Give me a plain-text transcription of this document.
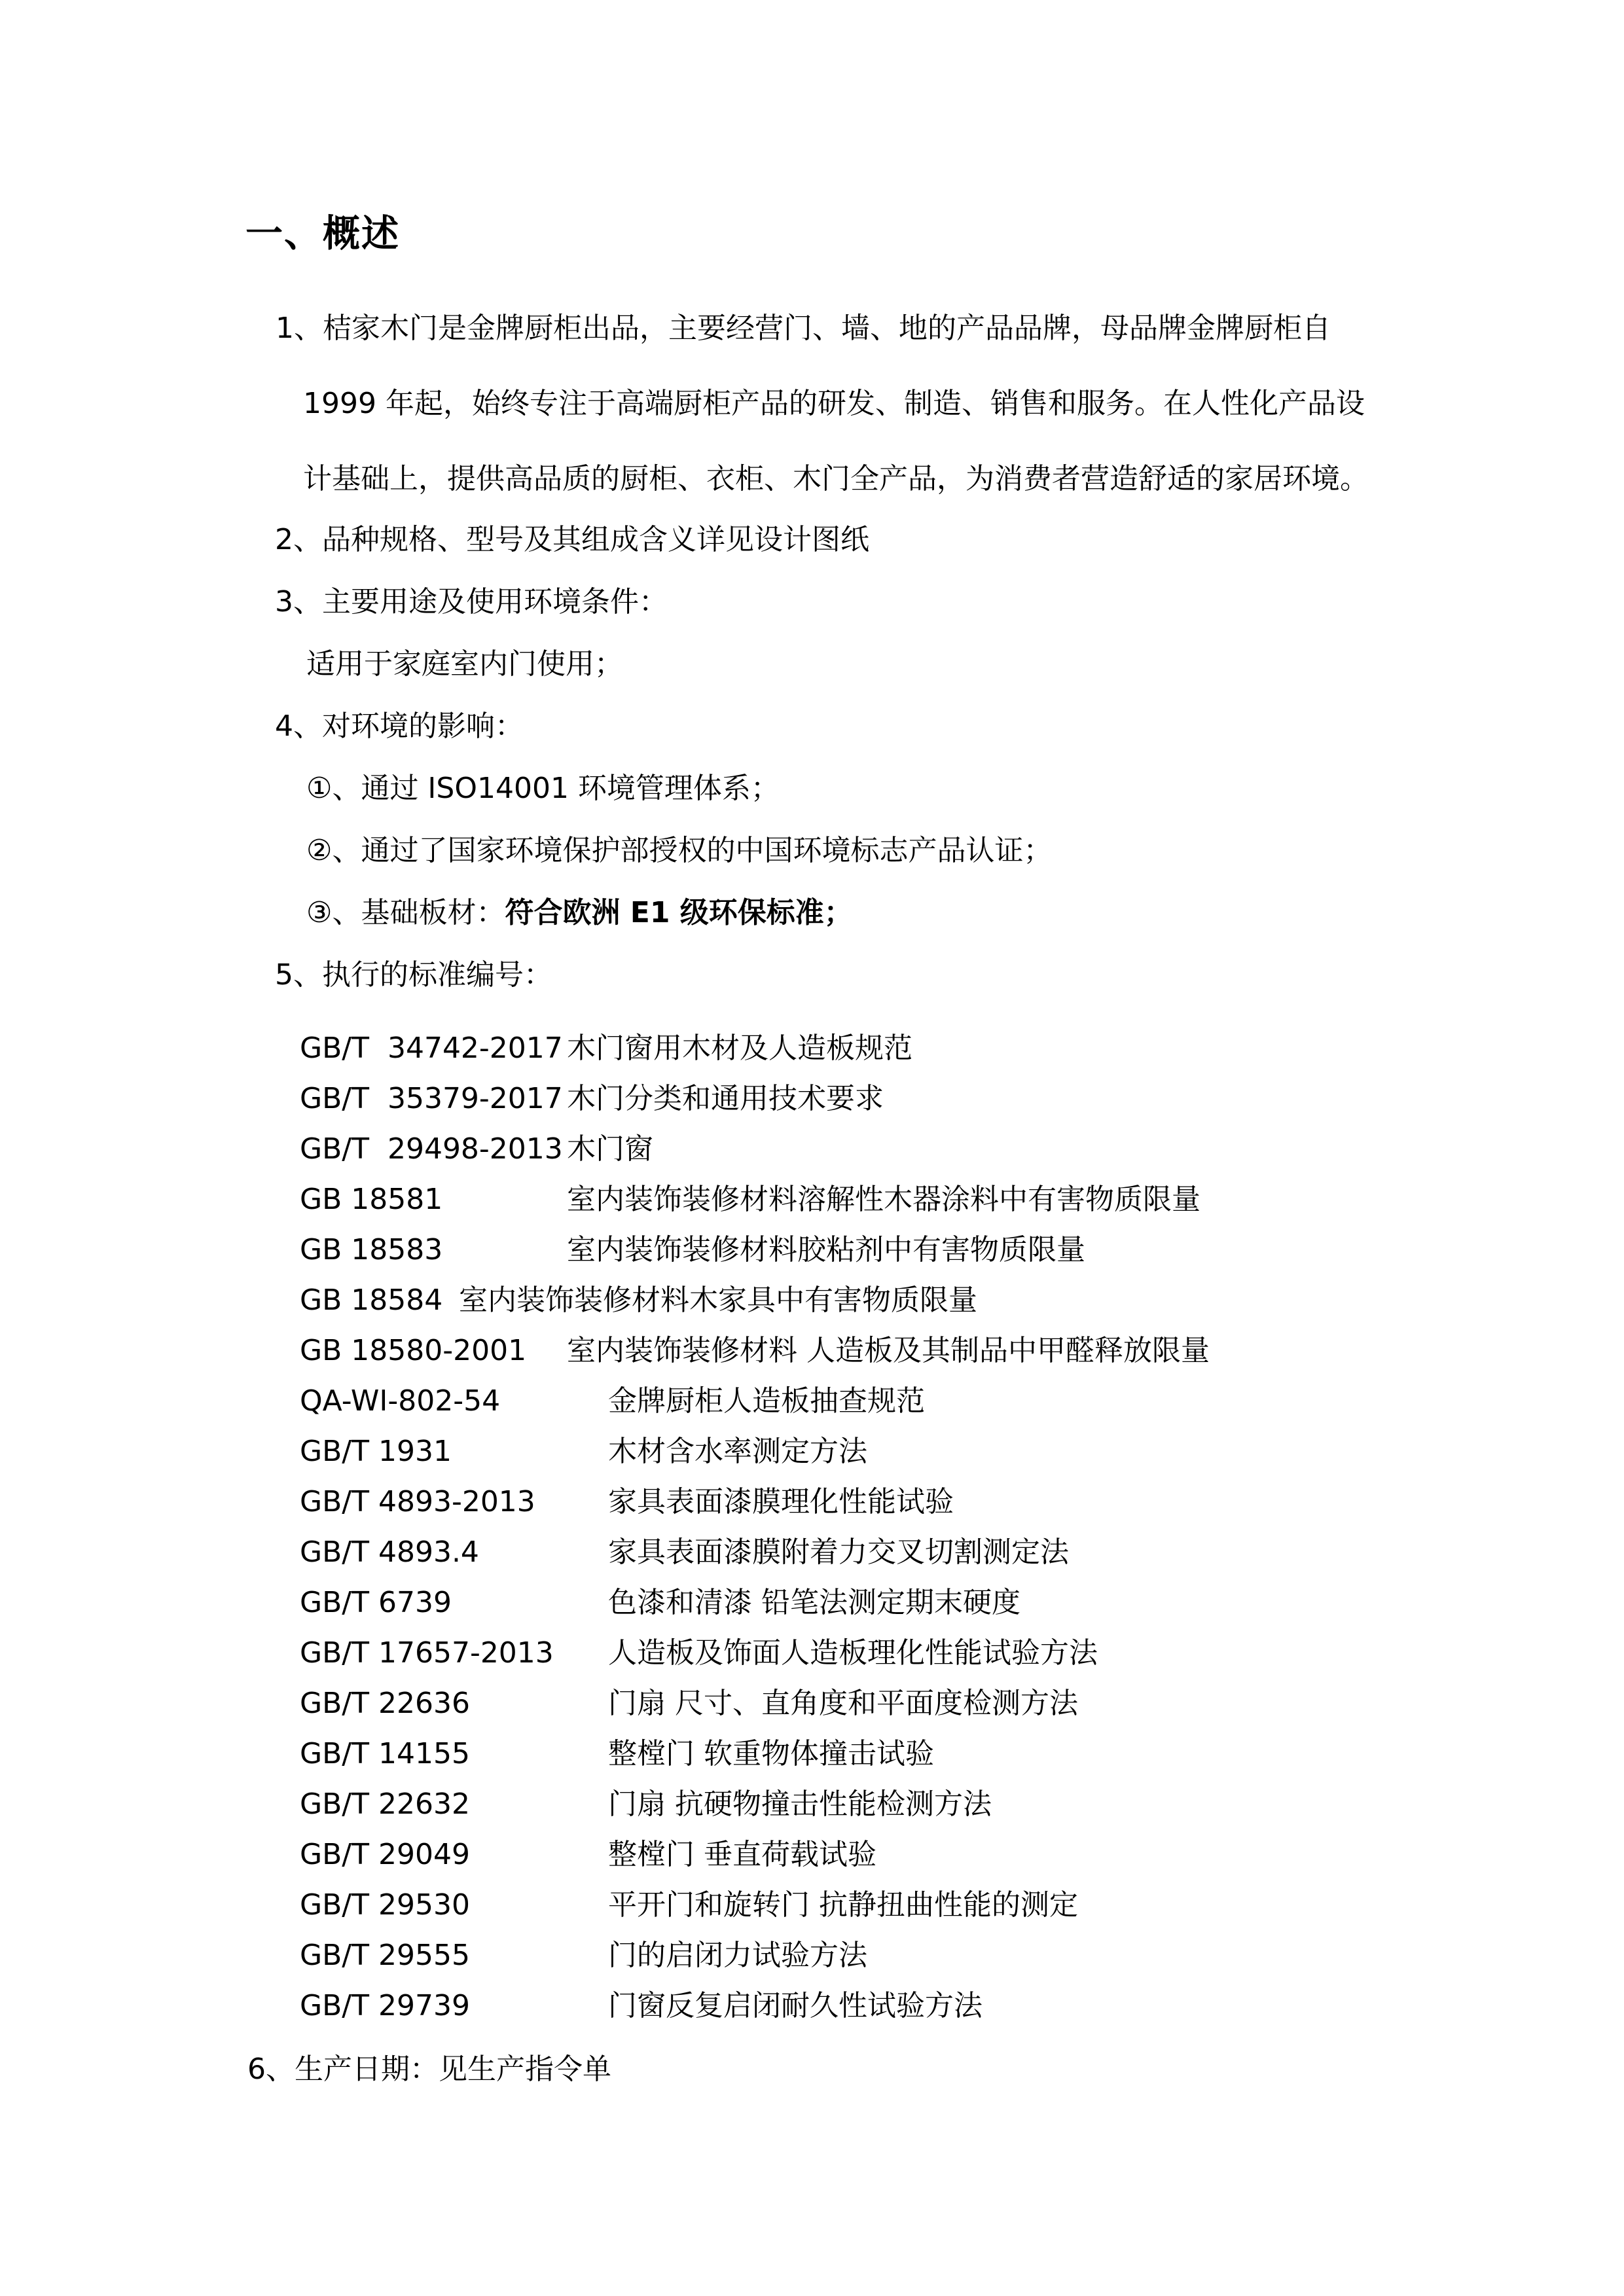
一、概述

1、桔家木门是金牌厨柜出品，主要经营门、墙、地的产品品牌，母品牌金牌厨柜自 1999 年起，始终专注于高端厨柜产品的研发、制造、销售和服务。在人性化产品设计基础上，提供高品质的厨柜、衣柜、木门全产品，为消费者营造舒适的家居环境。

2、品种规格、型号及其组成含义详见设计图纸

3、主要用途及使用环境条件：

适用于家庭室内门使用；

4、对环境的影响：

①、通过 ISO14001 环境管理体系；

②、通过了国家环境保护部授权的中国环境标志产品认证；

③、基础板材：符合欧洲 E1 级环保标准；

5、执行的标准编号：

GB/T  34742-2017 木门窗用木材及人造板规范
GB/T  35379-2017 木门分类和通用技术要求
GB/T  29498-2013 木门窗
GB 18581	室内装饰装修材料溶解性木器涂料中有害物质限量
GB 18583	室内装饰装修材料胶粘剂中有害物质限量
GB 18584 室内装饰装修材料木家具中有害物质限量
GB 18580-2001 室内装饰装修材料 人造板及其制品中甲醛释放限量
QA-WI-802-54	金牌厨柜人造板抽查规范
GB/T 1931	木材含水率测定方法
GB/T 4893-2013	家具表面漆膜理化性能试验
GB/T 4893.4	家具表面漆膜附着力交叉切割测定法
GB/T 6739	色漆和清漆 铅笔法测定期末硬度
GB/T 17657-2013 人造板及饰面人造板理化性能试验方法
GB/T 22636	门扇 尺寸、直角度和平面度检测方法
GB/T 14155	整樘门 软重物体撞击试验
GB/T 22632	门扇 抗硬物撞击性能检测方法
GB/T 29049	整樘门 垂直荷载试验
GB/T 29530	平开门和旋转门 抗静扭曲性能的测定
GB/T 29555	门的启闭力试验方法
GB/T 29739	门窗反复启闭耐久性试验方法

6、生产日期：见生产指令单
